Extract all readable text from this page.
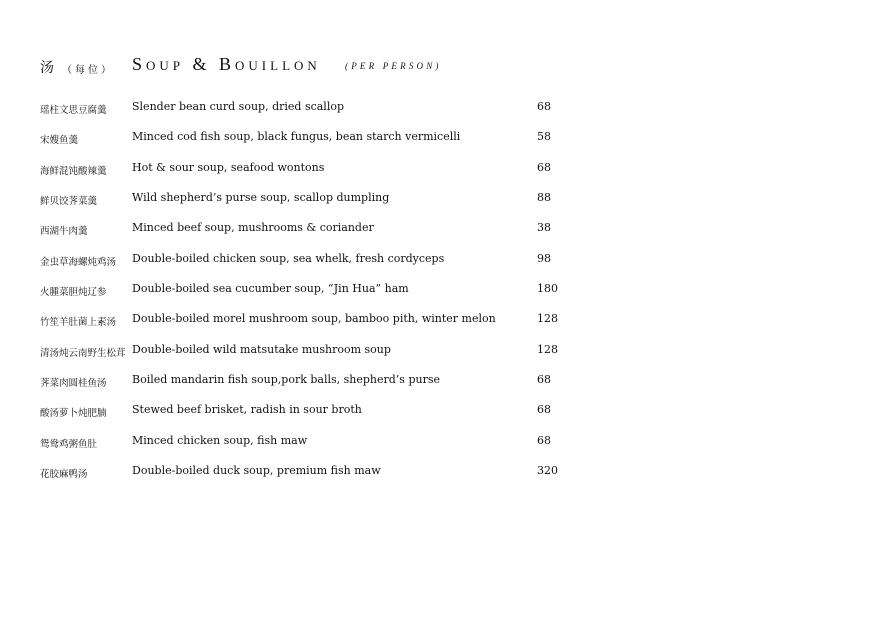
汤 （每位） Soup & Bouillon	(PER PERSON)
瑶柱文思豆腐羹 Slender bean curd soup, dried scallop	68
宋嫂鱼羹	Minced cod fish soup, black fungus, bean starch vermicelli	58
海鲜混饨酸辣羹 Hot & sour soup, seafood wontons	68
鲜贝饺荠菜羹	Wild shepherd’s purse soup, scallop dumpling	88
西湖牛肉羹	Minced beef soup, mushrooms & coriander	38
金虫草海螺炖鸡汤 Double-boiled chicken soup, sea whelk, fresh cordyceps	98
火腫菜胆炖辽参 Double-boiled sea cucumber soup, “Jin Hua” ham	180
竹笙羊肚菌上素汤 Double-boiled morel mushroom soup, bamboo pith, winter melon	128
清汤炖云南野生松茸 Double-boiled wild matsutake mushroom soup	128
荠菜肉圆桂鱼汤 Boiled mandarin fish soup,pork balls, shepherd’s purse	68
酸汤萝卜炖肥腩 Stewed beef brisket, radish in sour broth	68
鸳鸯鸡粥鱼肚	Minced chicken soup, fish maw	68
花胶麻鸭汤	Double-boiled duck soup, premium fish maw	320
